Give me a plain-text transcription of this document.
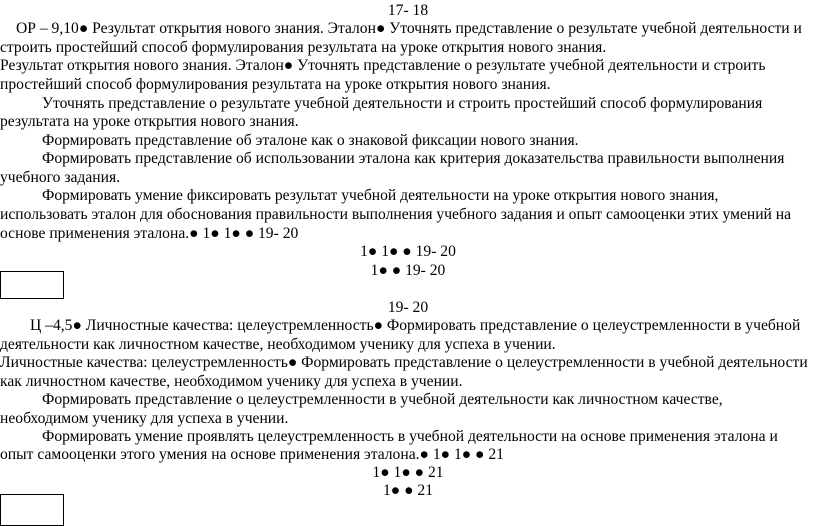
17- 18
ОР – 9,10● Результат открытия нового знания. Эталон● Уточнять представление о результате учебной деятельности и
строить простейший способ формулирования результата на уроке открытия нового знания.
Результат открытия нового знания. Эталон● Уточнять представление о результате учебной деятельности и строить
простейший способ формулирования результата на уроке открытия нового знания.
Уточнять представление о результате учебной деятельности и строить простейший способ формулирования
результата на уроке открытия нового знания.
Формировать представление об эталоне как о знаковой фиксации нового знания.
Формировать представление об использовании эталона как критерия доказательства правильности выполнения
учебного задания.
Формировать умение фиксировать результат учебной деятельности на уроке открытия нового знания,
использовать эталон для обоснования правильности выполнения учебного задания и опыт самооценки этих умений на
основе применения эталона.● 1● 1● ● 19- 20
1● 1● ● 19- 20
1● ● 19- 20
19- 20
Ц –4,5● Личностные качества: целеустремленность● Формировать представление о целеустремленности в учебной
деятельности как личностном качестве, необходимом ученику для успеха в учении.
Личностные качества: целеустремленность● Формировать представление о целеустремленности в учебной деятельности
как личностном качестве, необходимом ученику для успеха в учении.
Формировать представление о целеустремленности в учебной деятельности как личностном качестве,
необходимом ученику для успеха в учении.
Формировать умение проявлять целеустремленность в учебной деятельности на основе применения эталона и
опыт самооценки этого умения на основе применения эталона.● 1● 1● ● 21
1● 1● ● 21
1● ● 21
